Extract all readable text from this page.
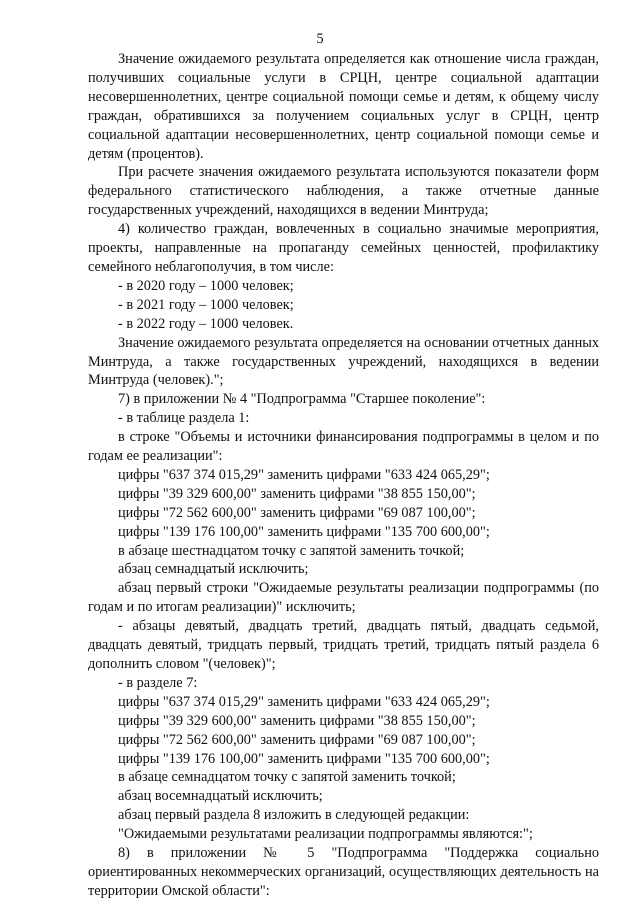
5

Значение ожидаемого результата определяется как отношение числа граждан, получивших социальные услуги в СРЦН, центре социальной адаптации несовершеннолетних, центре социальной помощи семье и детям, к общему числу граждан, обратившихся за получением социальных услуг в СРЦН, центр социальной адаптации несовершеннолетних, центр социальной помощи семье и детям (процентов).

При расчете значения ожидаемого результата используются показатели форм федерального статистического наблюдения, а также отчетные данные государственных учреждений, находящихся в ведении Минтруда;

4) количество граждан, вовлеченных в социально значимые мероприятия, проекты, направленные на пропаганду семейных ценностей, профилактику семейного неблагополучия, в том числе:

- в 2020 году – 1000 человек;

- в 2021 году – 1000 человек;

- в 2022 году – 1000 человек.

Значение ожидаемого результата определяется на основании отчетных данных Минтруда, а также государственных учреждений, находящихся в ведении Минтруда (человек).";

7) в приложении № 4 "Подпрограмма "Старшее поколение":

- в таблице раздела 1:

в строке "Объемы и источники финансирования подпрограммы в целом и по годам ее реализации":

цифры "637 374 015,29" заменить цифрами "633 424 065,29";

цифры "39 329 600,00" заменить цифрами "38 855 150,00";

цифры "72 562 600,00" заменить цифрами "69 087 100,00";

цифры "139 176 100,00" заменить цифрами "135 700 600,00";

в абзаце шестнадцатом точку с запятой заменить точкой;

абзац семнадцатый исключить;

абзац первый строки "Ожидаемые результаты реализации подпрограммы (по годам и по итогам реализации)" исключить;

- абзацы девятый, двадцать третий, двадцать пятый, двадцать седьмой, двадцать девятый, тридцать первый, тридцать третий, тридцать пятый раздела 6 дополнить словом "(человек)";

- в разделе 7:

цифры "637 374 015,29" заменить цифрами "633 424 065,29";

цифры "39 329 600,00" заменить цифрами "38 855 150,00";

цифры "72 562 600,00" заменить цифрами "69 087 100,00";

цифры "139 176 100,00" заменить цифрами "135 700 600,00";

в абзаце семнадцатом точку с запятой заменить точкой;

абзац восемнадцатый исключить;

абзац первый раздела 8 изложить в следующей редакции:

"Ожидаемыми результатами реализации подпрограммы являются:";

8) в приложении № 5 "Подпрограмма "Поддержка социально ориентированных некоммерческих организаций, осуществляющих деятельность на территории Омской области":
